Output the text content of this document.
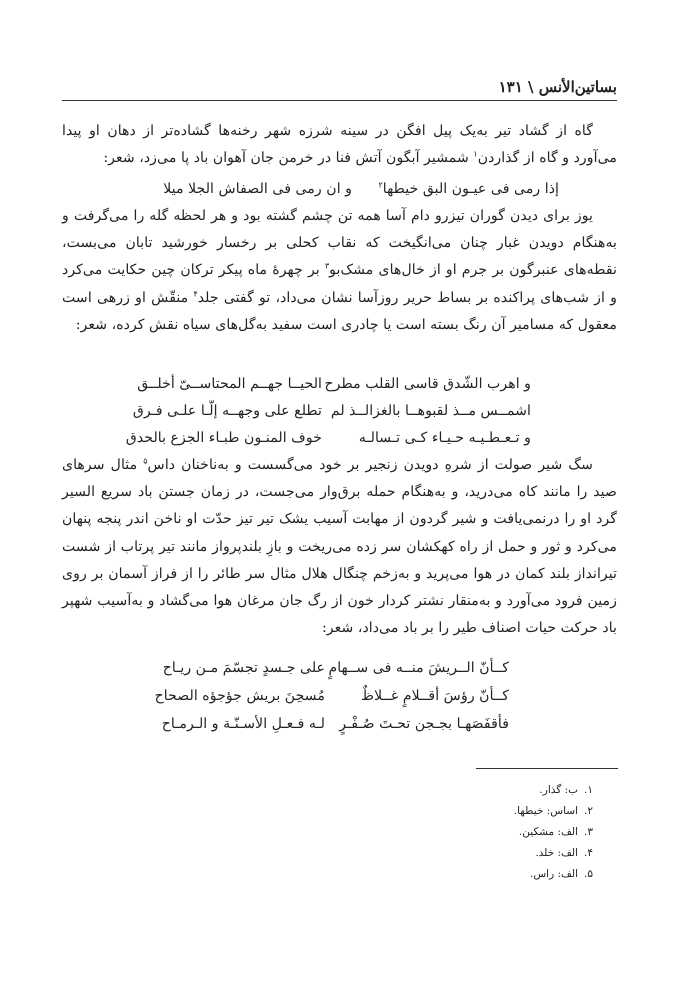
بساتین‌الأنس \ ۱۳۱

گاه از گشاد تیر به‌یک پیل افگن در سینه شرزه شهر رخنه‌ها گشاده‌تر از دهان او پیدا می‌آورد و گاه از گذاردن$^۱$ شمشیر آبگون آتش فنا در خرمن جان آهوان باد پا می‌زد، شعر:

إذا رمی فی عیـون البق خیطها$^۲$
و ان رمی فی الصفاش الجلا میلا

یوز برای دیدن گوران تیزرو دام آسا همه تن چشم گشته بود و هر لحظه گله را می‌گرفت و به‌هنگام دویدن غبار چنان می‌انگیخت که نقاب کحلی بر رخسار خورشید تابان می‌بست، نقطه‌های عنبرگون بر جرم او از خال‌های مشک‌بو$^۳$ بر چهرهٔ ماه پیکر ترکان چین حکایت می‌کرد و از شب‌های پراکنده بر بساط حریر روزآسا نشان می‌داد، تو گفتی جلد$^۴$ منقّش او زرهی است معقول که مسامیر آن رنگ بسته است یا چادری است سفید به‌گل‌های سیاه نقش کرده، شعر:

و اهرب الشّدق قاسی القلب مطرح
الحیــا جهــم المحتاســیّ أخلــق
اشمــس مــذ لقبوهــا بالغزالــذ لم
تطلع علی وجهــه إلّـا علـی فـرق
و تـعـطـیـه حـیـاء کـی تـسالـه
خوف المنـون طبـاء الجزع بالحدق

سگ شیر صولت از شرهِ دویدن زنجیر بر خود می‌گسست و به‌ناخنان داس$^۵$ مثال سرهای صید را مانند کاه می‌درید، و به‌هنگام حمله برق‌وار می‌جست، در زمان جستن باد سریع السیر گرد او را درنمی‌یافت و شیر گردون از مهابت آسیب یشک تیر تیز حدّت او ناخن اندر پنجه پنهان می‌کرد و ثور و حمل از راه کهکشان سر زده می‌ریخت و بازِ بلندپرواز مانند تیر پرتاب از شست تیرانداز بلند کمان در هوا می‌پرید و به‌زخم چنگال هلال مثال سر طائر را از فراز آسمان بر روی زمین فرود می‌آورد و به‌منقار نشتر کردار خون از رگ جان مرغان هوا می‌گشاد و به‌آسیب شهپر باد حرکت حیات اصناف طیر را بر باد می‌داد، شعر:

کــأنّ الــریشَ منــه فی ســهامٍ
علی جـسدٍ تجسّمَ مـن ریـاح
کــأنّ رؤسَ أقــلامٍ غــلاظٌ
مُسحِنَ بریش جؤجؤه الصحاح
فأقفَصَهـا بجـجن تحـتَ صُـفْـرٍ
لـه فـعـلِ الأسـنّـة و الـرمـاح
۱.ب: گذار.
۲.اساس: خیطها.
۳.الف: مشکین.
۴.الف: خلد.
۵.الف: راس.
